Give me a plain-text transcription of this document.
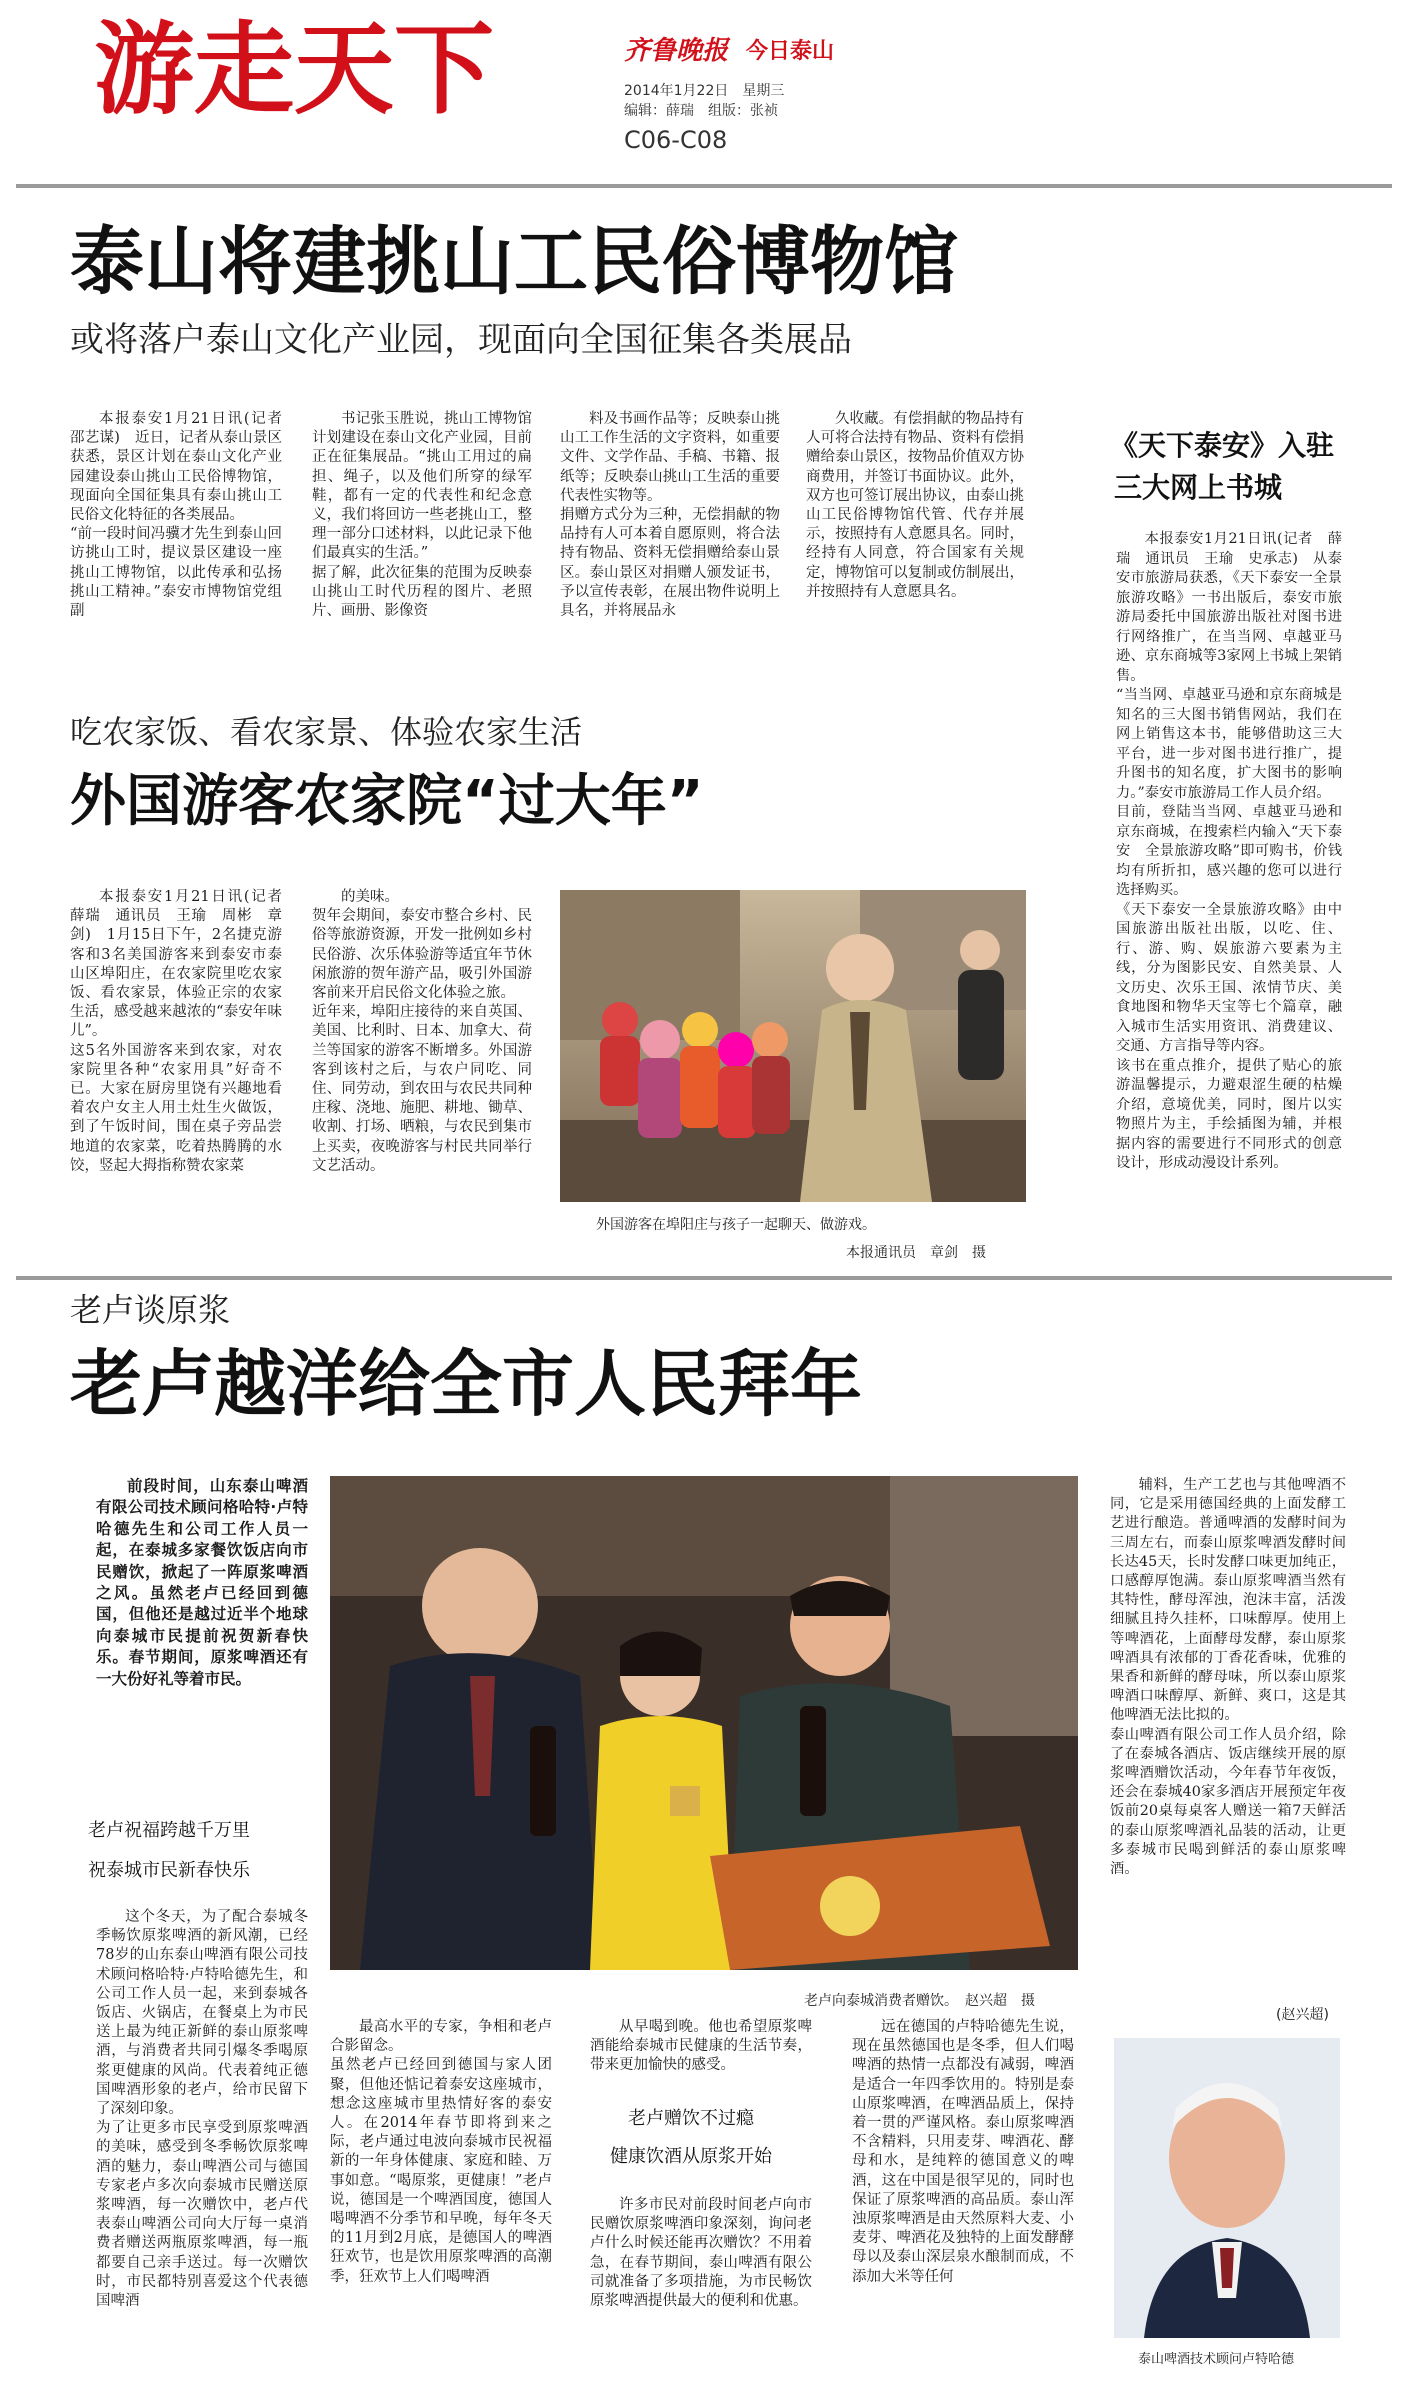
游走天下	齐鲁晚报 今日泰山
2014年1月22日　星期三
编辑：薛瑞　组版：张祯
C06-C08
泰山将建挑山工民俗博物馆
或将落户泰山文化产业园，现面向全国征集各类展品
本报泰安1月21日讯(记者　邵艺谋)　近日，记者从泰山景区获悉，景区计划在泰山文化产业园建设泰山挑山工民俗博物馆，现面向全国征集具有泰山挑山工民俗文化特征的各类展品。
“前一段时间冯骥才先生到泰山回访挑山工时，提议景区建设一座挑山工博物馆，以此传承和弘扬挑山工精神。”泰安市博物馆党组副
书记张玉胜说，挑山工博物馆计划建设在泰山文化产业园，目前正在征集展品。“挑山工用过的扁担、绳子，以及他们所穿的绿军鞋，都有一定的代表性和纪念意义，我们将回访一些老挑山工，整理一部分口述材料，以此记录下他们最真实的生活。”
据了解，此次征集的范围为反映泰山挑山工时代历程的图片、老照片、画册、影像资
料及书画作品等；反映泰山挑山工工作生活的文字资料，如重要文件、文学作品、手稿、书籍、报纸等；反映泰山挑山工生活的重要代表性实物等。
捐赠方式分为三种，无偿捐献的物品持有人可本着自愿原则，将合法持有物品、资料无偿捐赠给泰山景区。泰山景区对捐赠人颁发证书，予以宣传表彰，在展出物件说明上具名，并将展品永
久收藏。有偿捐献的物品持有人可将合法持有物品、资料有偿捐赠给泰山景区，按物品价值双方协商费用，并签订书面协议。此外，双方也可签订展出协议，由泰山挑山工民俗博物馆代管、代存并展示，按照持有人意愿具名。同时，经持有人同意，符合国家有关规定，博物馆可以复制或仿制展出，并按照持有人意愿具名。
《天下泰安》入驻
三大网上书城
本报泰安1月21日讯(记者　薛瑞　通讯员　王瑜　史承志)　从泰安市旅游局获悉，《天下泰安一全景旅游攻略》一书出版后，泰安市旅游局委托中国旅游出版社对图书进行网络推广，在当当网、卓越亚马逊、京东商城等3家网上书城上架销售。
“当当网、卓越亚马逊和京东商城是知名的三大图书销售网站，我们在网上销售这本书，能够借助这三大平台，进一步对图书进行推广，提升图书的知名度，扩大图书的影响力。”泰安市旅游局工作人员介绍。
目前，登陆当当网、卓越亚马逊和京东商城，在搜索栏内输入“天下泰安　全景旅游攻略”即可购书，价钱均有所折扣，感兴趣的您可以进行选择购买。
《天下泰安一全景旅游攻略》由中国旅游出版社出版，以吃、住、行、游、购、娱旅游六要素为主线，分为图影民安、自然美景、人文历史、次乐王国、浓情节庆、美食地图和物华天宝等七个篇章，融入城市生活实用资讯、消费建议、交通、方言指导等内容。
该书在重点推介，提供了贴心的旅游温馨提示，力避艰涩生硬的枯燥介绍，意境优美，同时，图片以实物照片为主，手绘插图为辅，并根据内容的需要进行不同形式的创意设计，形成动漫设计系列。
吃农家饭、看农家景、体验农家生活
外国游客农家院“过大年”
本报泰安1月21日讯(记者　薛瑞　通讯员　王瑜　周彬　章剑)　1月15日下午，2名捷克游客和3名美国游客来到泰安市泰山区埠阳庄，在农家院里吃农家饭、看农家景，体验正宗的农家生活，感受越来越浓的“泰安年味儿”。
这5名外国游客来到农家，对农家院里各种“农家用具”好奇不已。大家在厨房里饶有兴趣地看着农户女主人用土灶生火做饭，到了午饭时间，围在桌子旁品尝地道的农家菜，吃着热腾腾的水饺，竖起大拇指称赞农家菜
的美味。
贺年会期间，泰安市整合乡村、民俗等旅游资源，开发一批例如乡村民俗游、次乐体验游等适宜年节休闲旅游的贺年游产品，吸引外国游客前来开启民俗文化体验之旅。
近年来，埠阳庄接待的来自英国、美国、比利时、日本、加拿大、荷兰等国家的游客不断增多。外国游客到该村之后，与农户同吃、同住、同劳动，到农田与农民共同种庄稼、浇地、施肥、耕地、锄草、收割、打场、晒粮，与农民到集市上买卖，夜晚游客与村民共同举行文艺活动。
外国游客在埠阳庄与孩子一起聊天、做游戏。
本报通讯员　章剑　摄
老卢谈原浆
老卢越洋给全市人民拜年
前段时间，山东泰山啤酒有限公司技术顾问格哈特·卢特哈德先生和公司工作人员一起，在泰城多家餐饮饭店向市民赠饮，掀起了一阵原浆啤酒之风。虽然老卢已经回到德国，但他还是越过近半个地球向泰城市民提前祝贺新春快乐。春节期间，原浆啤酒还有一大份好礼等着市民。
老卢祝福跨越千万里
祝泰城市民新春快乐
这个冬天，为了配合泰城冬季畅饮原浆啤酒的新风潮，已经78岁的山东泰山啤酒有限公司技术顾问格哈特·卢特哈德先生，和公司工作人员一起，来到泰城各饭店、火锅店，在餐桌上为市民送上最为纯正新鲜的泰山原浆啤酒，与消费者共同引爆冬季喝原浆更健康的风尚。代表着纯正德国啤酒形象的老卢，给市民留下了深刻印象。
为了让更多市民享受到原浆啤酒的美味，感受到冬季畅饮原浆啤酒的魅力，泰山啤酒公司与德国专家老卢多次向泰城市民赠送原浆啤酒，每一次赠饮中，老卢代表泰山啤酒公司向大厅每一桌消费者赠送两瓶原浆啤酒，每一瓶都要自己亲手送过。每一次赠饮时，市民都特别喜爱这个代表德国啤酒
最高水平的专家，争相和老卢合影留念。
虽然老卢已经回到德国与家人团聚，但他还惦记着泰安这座城市，想念这座城市里热情好客的泰安人。在2014年春节即将到来之际，老卢通过电波向泰城市民祝福新的一年身体健康、家庭和睦、万事如意。“喝原浆，更健康！”老卢说，德国是一个啤酒国度，德国人喝啤酒不分季节和早晚，每年冬天的11月到2月底，是德国人的啤酒狂欢节，也是饮用原浆啤酒的高潮季，狂欢节上人们喝啤酒
从早喝到晚。他也希望原浆啤酒能给泰城市民健康的生活节奏，带来更加愉快的感受。
老卢赠饮不过瘾
健康饮酒从原浆开始
许多市民对前段时间老卢向市民赠饮原浆啤酒印象深刻，询问老卢什么时候还能再次赠饮？不用着急，在春节期间，泰山啤酒有限公司就准备了多项措施，为市民畅饮原浆啤酒提供最大的便利和优惠。
远在德国的卢特哈德先生说，现在虽然德国也是冬季，但人们喝啤酒的热情一点都没有减弱，啤酒是适合一年四季饮用的。特别是泰山原浆啤酒，在啤酒品质上，保持着一贯的严谨风格。泰山原浆啤酒不含精料，只用麦芽、啤酒花、酵母和水，是纯粹的德国意义的啤酒，这在中国是很罕见的，同时也保证了原浆啤酒的高品质。泰山浑浊原浆啤酒是由天然原料大麦、小麦芽、啤酒花及独特的上面发酵酵母以及泰山深层泉水酿制而成，不添加大米等任何
辅料，生产工艺也与其他啤酒不同，它是采用德国经典的上面发酵工艺进行酿造。普通啤酒的发酵时间为三周左右，而泰山原浆啤酒发酵时间长达45天，长时发酵口味更加纯正，口感醇厚饱满。泰山原浆啤酒当然有其特性，酵母浑浊，泡沫丰富，活泼细腻且持久挂杯，口味醇厚。使用上等啤酒花，上面酵母发酵，泰山原浆啤酒具有浓郁的丁香花香味，优雅的果香和新鲜的酵母味，所以泰山原浆啤酒口味醇厚、新鲜、爽口，这是其他啤酒无法比拟的。
泰山啤酒有限公司工作人员介绍，除了在泰城各酒店、饭店继续开展的原浆啤酒赠饮活动，今年春节年夜饭，还会在泰城40家多酒店开展预定年夜饭前20桌每桌客人赠送一箱7天鲜活的泰山原浆啤酒礼品装的活动，让更多泰城市民喝到鲜活的泰山原浆啤酒。
(赵兴超)
老卢向泰城消费者赠饮。　赵兴超　摄
泰山啤酒技术顾问卢特哈德
